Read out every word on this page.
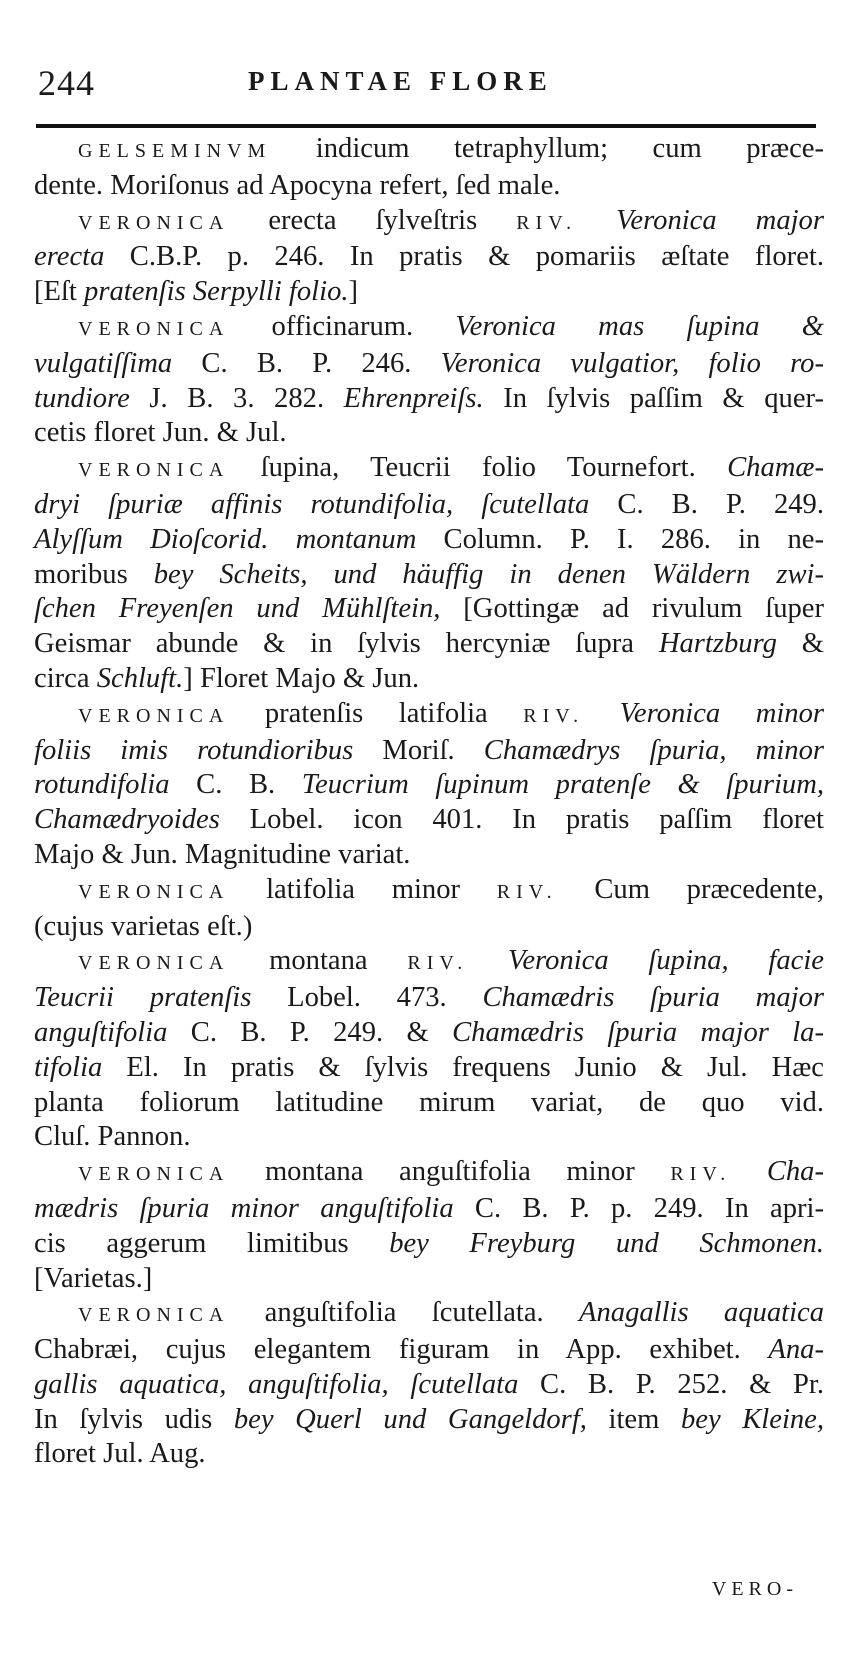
244	PLANTAE FLORE

GELSEMINVM indicum tetraphyllum; cum præce-
dente. Moriſonus ad Apocyna refert, ſed male.

VERONICA erecta ſylveſtris RIV. Veronica major
erecta C.B.P. p. 246. In pratis & pomariis æſtate floret.
[Eſt pratenſis Serpylli folio.]

VERONICA officinarum. Veronica mas ſupina &
vulgatiſſima C. B. P. 246. Veronica vulgatior, folio ro-
tundiore J. B. 3. 282. Ehrenpreiſs. In ſylvis paſſim & quer-
cetis floret Jun. & Jul.

VERONICA ſupina, Teucrii folio Tournefort. Chamæ-
dryi ſpuriæ affinis rotundifolia, ſcutellata C. B. P. 249.
Alyſſum Dioſcorid. montanum Column. P. I. 286. in ne-
moribus bey Scheits, und häuffig in denen Wäldern zwi-
ſchen Freyenſen und Mühlſtein, [Gottingæ ad rivulum ſuper
Geismar abunde & in ſylvis hercyniæ ſupra Hartzburg &
circa Schluft.] Floret Majo & Jun.

VERONICA pratenſis latifolia RIV. Veronica minor
foliis imis rotundioribus Moriſ. Chamædrys ſpuria, minor
rotundifolia C. B. Teucrium ſupinum pratenſe & ſpurium,
Chamædryoides Lobel. icon 401. In pratis paſſim floret
Majo & Jun. Magnitudine variat.

VERONICA latifolia minor RIV. Cum præcedente,
(cujus varietas eſt.)

VERONICA montana RIV. Veronica ſupina, facie
Teucrii pratenſis Lobel. 473. Chamædris ſpuria major
anguſtifolia C. B. P. 249. & Chamædris ſpuria major la-
tifolia El. In pratis & ſylvis frequens Junio & Jul. Hæc
planta foliorum latitudine mirum variat, de quo vid.
Cluſ. Pannon.

VERONICA montana anguſtifolia minor RIV. Cha-
mædris ſpuria minor anguſtifolia C. B. P. p. 249. In apri-
cis aggerum limitibus bey Freyburg und Schmonen.
[Varietas.]

VERONICA anguſtifolia ſcutellata. Anagallis aquatica
Chabræi, cujus elegantem figuram in App. exhibet. Ana-
gallis aquatica, anguſtifolia, ſcutellata C. B. P. 252. & Pr.
In ſylvis udis bey Querl und Gangeldorf, item bey Kleine,
floret Jul. Aug.

VERO-
